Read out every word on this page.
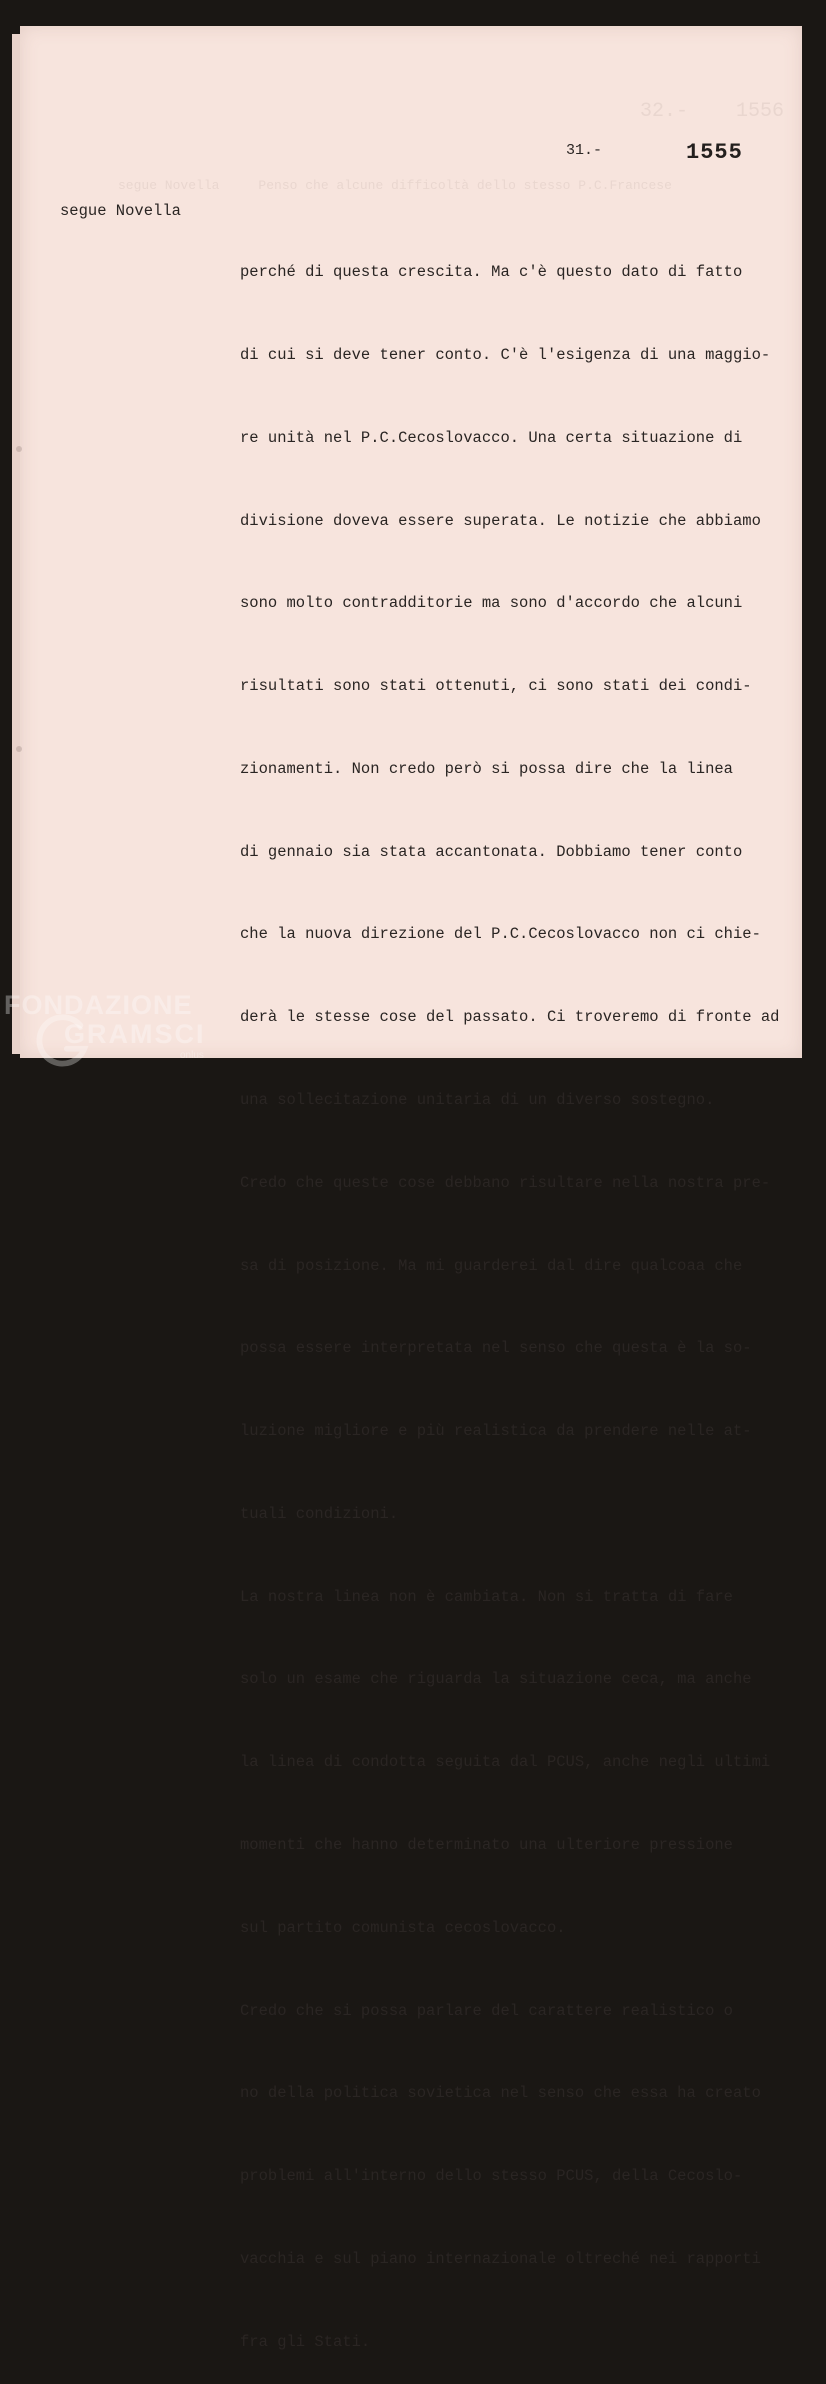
32.-    1556
segue Novella     Penso che alcune difficoltà dello stesso P.C.Francese
31.-	1555
segue Novella

perché di questa crescita. Ma c'è questo dato di fatto

di cui si deve tener conto. C'è l'esigenza di una maggio-

re unità nel P.C.Cecoslovacco. Una certa situazione di

divisione doveva essere superata. Le notizie che abbiamo

sono molto contradditorie ma sono d'accordo che alcuni

risultati sono stati ottenuti, ci sono stati dei condi-

zionamenti. Non credo però si possa dire che la linea

di gennaio sia stata accantonata. Dobbiamo tener conto

che la nuova direzione del P.C.Cecoslovacco non ci chie-

derà le stesse cose del passato. Ci troveremo di fronte ad

una sollecitazione unitaria di un diverso sostegno.

Credo che queste cose debbano risultare nella nostra pre-

sa di posizione. Ma mi guarderei dal dire qualcoaa che

possa essere interpretata nel senso che questa è la so-

luzione migliore e più realistica da prendere nelle at-

tuali condizioni.

La nostra linea non è cambiata. Non si tratta di fare

solo un esame che riguarda la situazione ceca, ma anche

la linea di condotta seguita dal PCUS, anche negli ultimi

momenti che hanno determinato una ulteriore pressione

sul partito comunista cecoslovacco.

Credo che si possa parlare del carattere realistico o

no della politica sovietica nel senso che essa ha creato

problemi all'interno dello stesso PCUS, della Cecoslo-

vacchia e sul piano internazionale oltreché nei rapporti

fra gli Stati.

FONDAZIONE
GRAMSCI
onlus
